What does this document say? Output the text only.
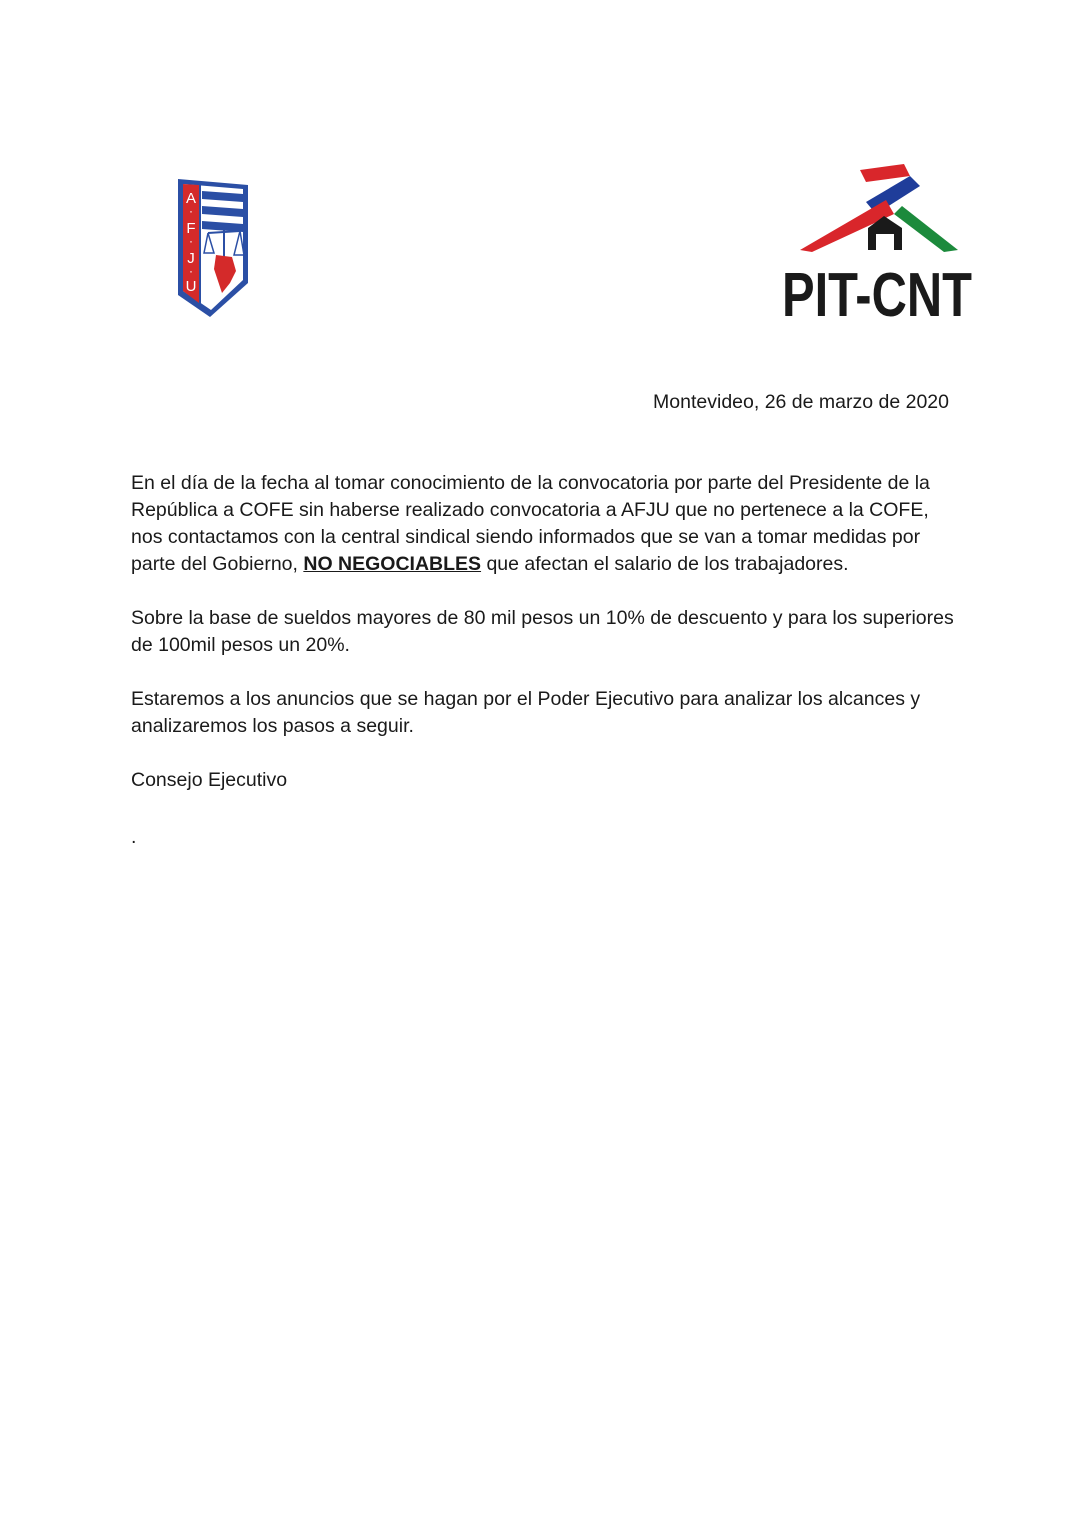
A
·
F
·
J
·
U	PIT-CNT
Montevideo, 26 de marzo de 2020

En el día de la fecha al tomar conocimiento de la convocatoria por parte del Presidente de la República a COFE sin haberse realizado convocatoria a AFJU que no pertenece a la COFE, nos contactamos con la central sindical siendo informados que se van a tomar medidas por parte del Gobierno, NO NEGOCIABLES que afectan el salario de los trabajadores.

Sobre la base de sueldos mayores de 80 mil pesos un 10% de descuento y para los superiores de 100mil pesos un 20%.

Estaremos a los anuncios que se hagan por el Poder Ejecutivo para analizar los alcances y analizaremos los pasos a seguir.

Consejo Ejecutivo

.
